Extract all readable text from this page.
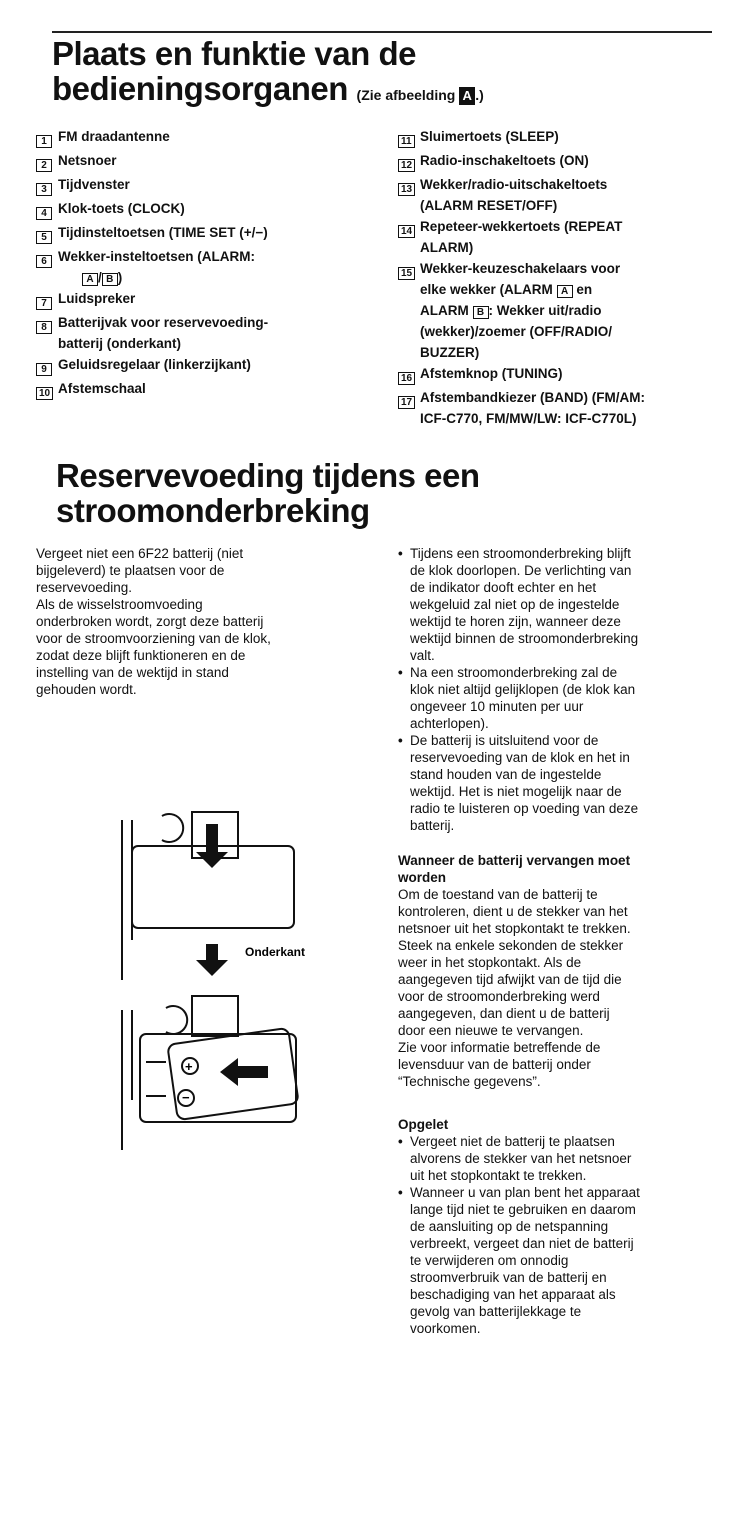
Plaats en funktie van de
bedieningsorganen (Zie afbeelding A .)
1 FM draadantenne
2 Netsnoer
3 Tijdvenster
4 Klok-toets (CLOCK)
5 Tijdinsteltoetsen (TIME SET (+/−)
6 Wekker-insteltoetsen (ALARM:
A / B )
7 Luidspreker
8 Batterijvak voor reservevoeding-
batterij (onderkant)
9 Geluidsregelaar (linkerzijkant)
10 Afstemschaal
11 Sluimertoets (SLEEP)
12 Radio-inschakeltoets (ON)
13 Wekker/radio-uitschakeltoets
(ALARM RESET/OFF)
14 Repeteer-wekkertoets (REPEAT
ALARM)
15 Wekker-keuzeschakelaars voor
elke wekker (ALARM A en
ALARM B : Wekker uit/radio
(wekker)/zoemer (OFF/RADIO/
BUZZER)
16 Afstemknop (TUNING)
17 Afstembandkiezer (BAND) (FM/AM:
ICF-C770, FM/MW/LW: ICF-C770L)
Reservevoeding tijdens een
stroomonderbreking

Vergeet niet een 6F22 batterij (niet

bijgeleverd) te plaatsen voor de

reservevoeding.

Als de wisselstroomvoeding

onderbroken wordt, zorgt deze batterij

voor de stroomvoorziening van de klok,

zodat deze blijft funktioneren en de

instelling van de wektijd in stand

gehouden wordt.

Onderkant
+
−
• Tijdens een stroomonderbreking blijft
de klok doorlopen. De verlichting van
de indikator dooft echter en het
wekgeluid zal niet op de ingestelde
wektijd te horen zijn, wanneer deze
wektijd binnen de stroomonderbreking
valt.
• Na een stroomonderbreking zal de
klok niet altijd gelijklopen (de klok kan
ongeveer 10 minuten per uur
achterlopen).
• De batterij is uitsluitend voor de
reservevoeding van de klok en het in
stand houden van de ingestelde
wektijd. Het is niet mogelijk naar de
radio te luisteren op voeding van deze
batterij.
Wanneer de batterij vervangen moet
worden
Om de toestand van de batterij te
kontroleren, dient u de stekker van het
netsnoer uit het stopkontakt te trekken.
Steek na enkele sekonden de stekker
weer in het stopkontakt. Als de
aangegeven tijd afwijkt van de tijd die
voor de stroomonderbreking werd
aangegeven, dan dient u de batterij
door een nieuwe te vervangen.
Zie voor informatie betreffende de
levensduur van de batterij onder
“Technische gegevens”.
Opgelet
• Vergeet niet de batterij te plaatsen
alvorens de stekker van het netsnoer
uit het stopkontakt te trekken.
• Wanneer u van plan bent het apparaat
lange tijd niet te gebruiken en daarom
de aansluiting op de netspanning
verbreekt, vergeet dan niet de batterij
te verwijderen om onnodig
stroomverbruik van de batterij en
beschadiging van het apparaat als
gevolg van batterijlekkage te
voorkomen.
